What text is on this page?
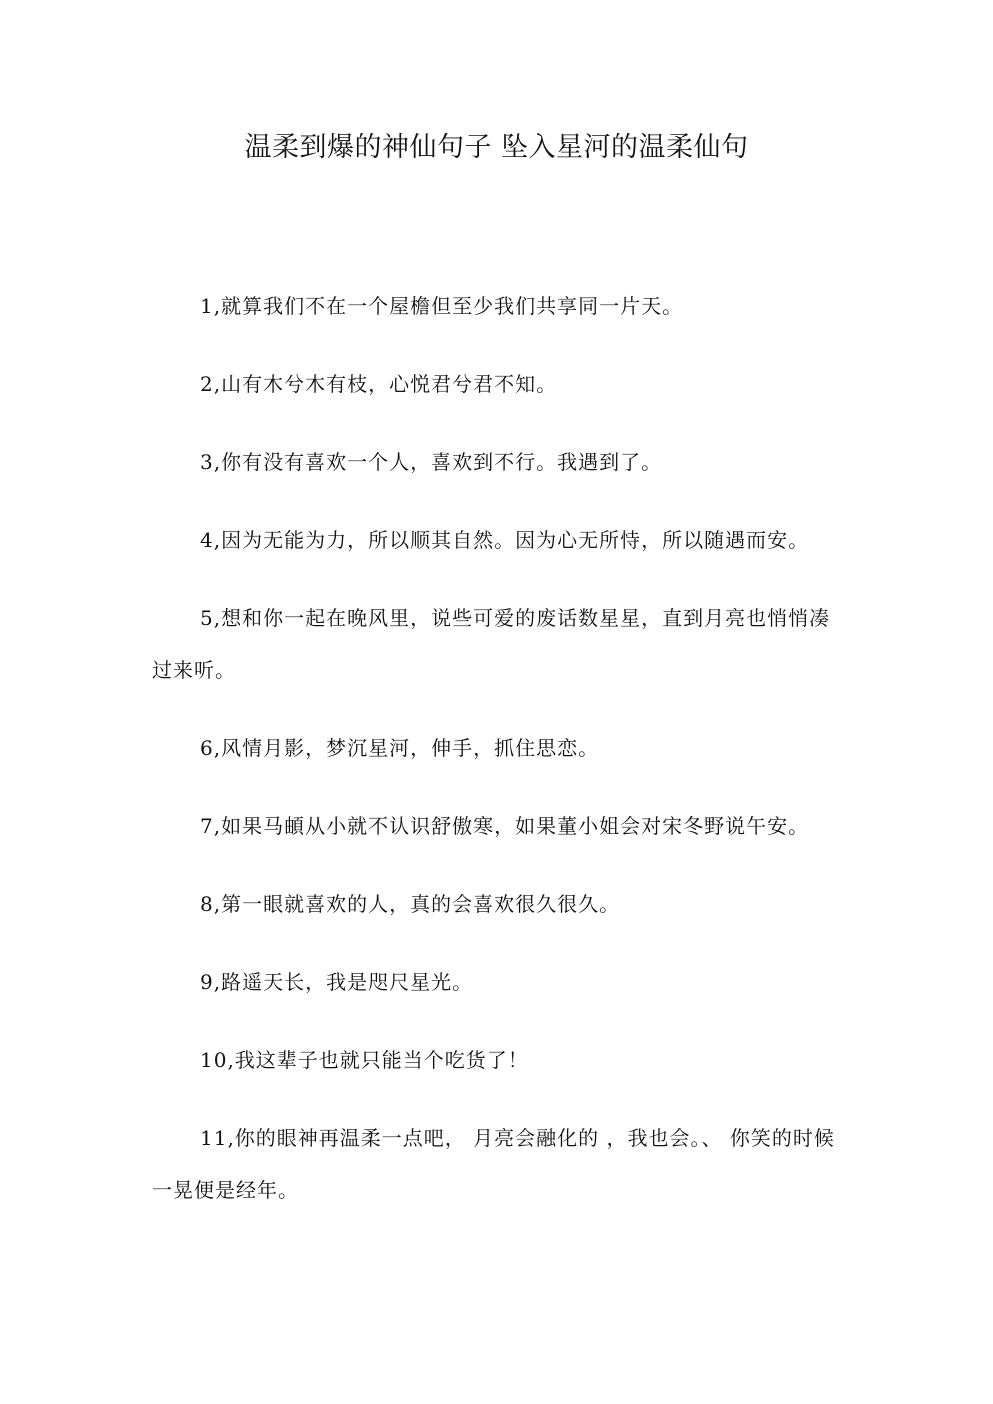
温柔到爆的神仙句子 坠入星河的温柔仙句

1,就算我们不在一个屋檐但至少我们共享同一片天。

2,山有木兮木有枝，心悦君兮君不知。

3,你有没有喜欢一个人，喜欢到不行。我遇到了。

4,因为无能为力，所以顺其自然。因为心无所恃，所以随遇而安。

5,想和你一起在晚风里，说些可爱的废话数星星，直到月亮也悄悄凑过来听。

6,风情月影，梦沉星河，伸手，抓住思恋。

7,如果马頔从小就不认识舒傲寒，如果董小姐会对宋冬野说午安。

8,第一眼就喜欢的人，真的会喜欢很久很久。

9,路遥天长，我是咫尺星光。

10,我这辈子也就只能当个吃货了！

11,你的眼神再温柔一点吧， 月亮会融化的 ，我也会。、 你笑的时候一晃便是经年。
